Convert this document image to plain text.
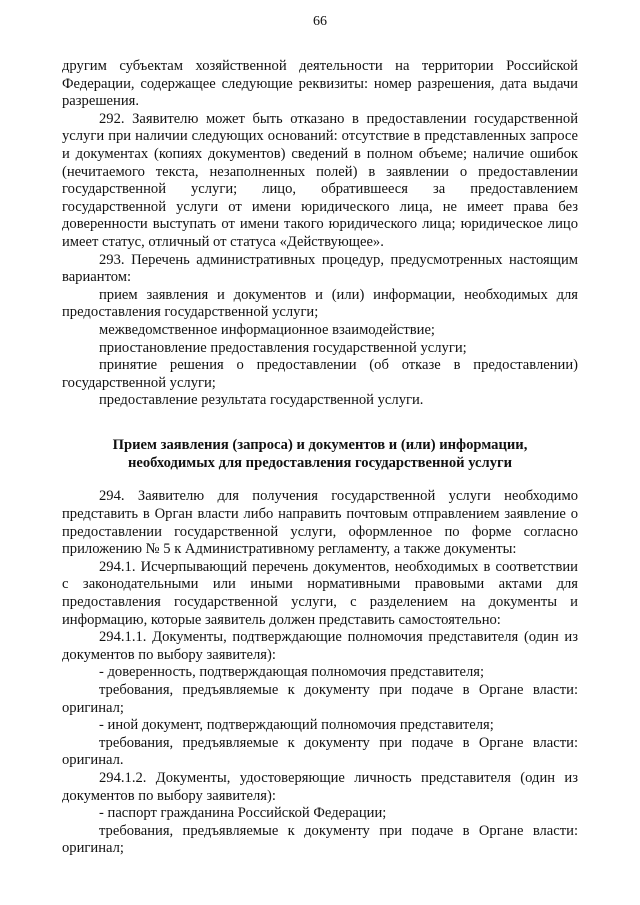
66

другим субъектам хозяйственной деятельности на территории Российской Федерации, содержащее следующие реквизиты: номер разрешения, дата выдачи разрешения.

292. Заявителю может быть отказано в предоставлении государственной услуги при наличии следующих оснований: отсутствие в представленных запросе и документах (копиях документов) сведений в полном объеме; наличие ошибок (нечитаемого текста, незаполненных полей) в заявлении о предоставлении государственной услуги; лицо, обратившееся за предоставлением государственной услуги от имени юридического лица, не имеет права без доверенности выступать от имени такого юридического лица; юридическое лицо имеет статус, отличный от статуса «Действующее».

293. Перечень административных процедур, предусмотренных настоящим вариантом:

прием заявления и документов и (или) информации, необходимых для предоставления государственной услуги;

межведомственное информационное взаимодействие;

приостановление предоставления государственной услуги;

принятие решения о предоставлении (об отказе в предоставлении) государственной услуги;

предоставление результата государственной услуги.

Прием заявления (запроса) и документов и (или) информации,
необходимых для предоставления государственной услуги

294. Заявителю для получения государственной услуги необходимо представить в Орган власти либо направить почтовым отправлением заявление о предоставлении государственной услуги, оформленное по форме согласно приложению № 5 к Административному регламенту, а также документы:

294.1. Исчерпывающий перечень документов, необходимых в соответствии с законодательными или иными нормативными правовыми актами для предоставления государственной услуги, с разделением на документы и информацию, которые заявитель должен представить самостоятельно:

294.1.1. Документы, подтверждающие полномочия представителя (один из документов по выбору заявителя):

- доверенность, подтверждающая полномочия представителя;

требования, предъявляемые к документу при подаче в Органе власти: оригинал;

- иной документ, подтверждающий полномочия представителя;

требования, предъявляемые к документу при подаче в Органе власти: оригинал.

294.1.2. Документы, удостоверяющие личность представителя (один из документов по выбору заявителя):

- паспорт гражданина Российской Федерации;

требования, предъявляемые к документу при подаче в Органе власти: оригинал;
